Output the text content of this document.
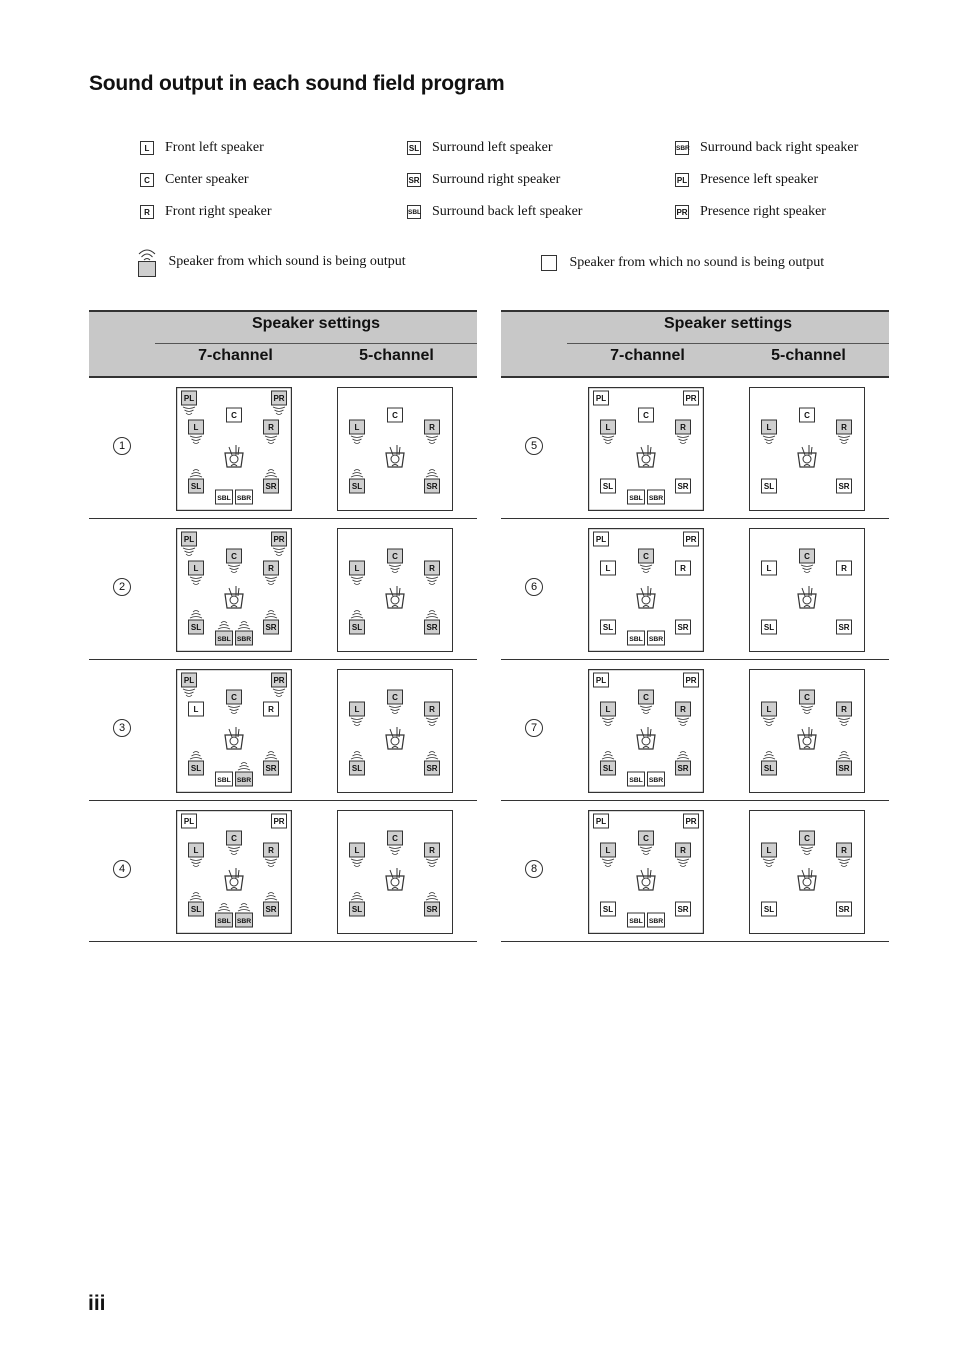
Sound output in each sound field program
L Front left speaker
C Center speaker
R Front right speaker
SL Surround left speaker
SR Surround right speaker
SBL Surround back left speaker
SBR Surround back right speaker
PL Presence left speaker
PR Presence right speaker
Speaker from which sound is being output	Speaker from which no sound is being output
Speaker settings
7-channel	5-channel
1
PL	PR
C
L	R
SL	SR
SBL SBR
C
L	R
SL	SR
2
PL	PR
C
L	R
SL	SR
SBL SBR
C
L	R
SL	SR
3
PL	PR
C
L	R
SL	SR
SBL SBR
C
L	R
SL	SR
4
PL	PR
C
L	R
SL	SR
SBL SBR
C
L	R
SL	SR
Speaker settings
7-channel	5-channel
5
PL	PR
C
L	R
SL	SR
SBL SBR
C
L	R
SL	SR
6
PL	PR
C
L	R
SL	SR
SBL SBR
C
L	R
SL	SR
7
PL	PR
C
L	R
SL	SR
SBL SBR
C
L	R
SL	SR
8
PL	PR
C
L	R
SL	SR
SBL SBR
C
L	R
SL	SR
iii
